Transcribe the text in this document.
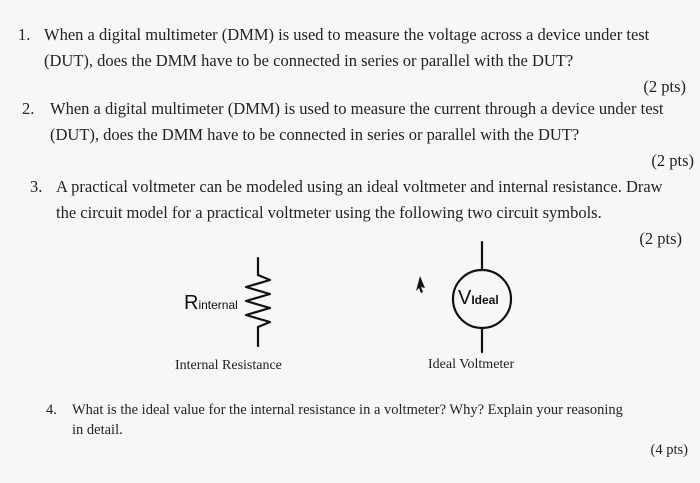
1. When a digital multimeter (DMM) is used to measure the voltage across a device under test
(DUT), does the DMM have to be connected in series or parallel with the DUT?
(2 pts)
2. When a digital multimeter (DMM) is used to measure the current through a device under test
(DUT), does the DMM have to be connected in series or parallel with the DUT?
(2 pts)
3. A practical voltmeter can be modeled using an ideal voltmeter and internal resistance. Draw
the circuit model for a practical voltmeter using the following two circuit symbols.
(2 pts)
Rinternal	VIdeal
Internal Resistance	Ideal Voltmeter
4.	What is the ideal value for the internal resistance in a voltmeter? Why? Explain your reasoning
in detail.
(4 pts)
